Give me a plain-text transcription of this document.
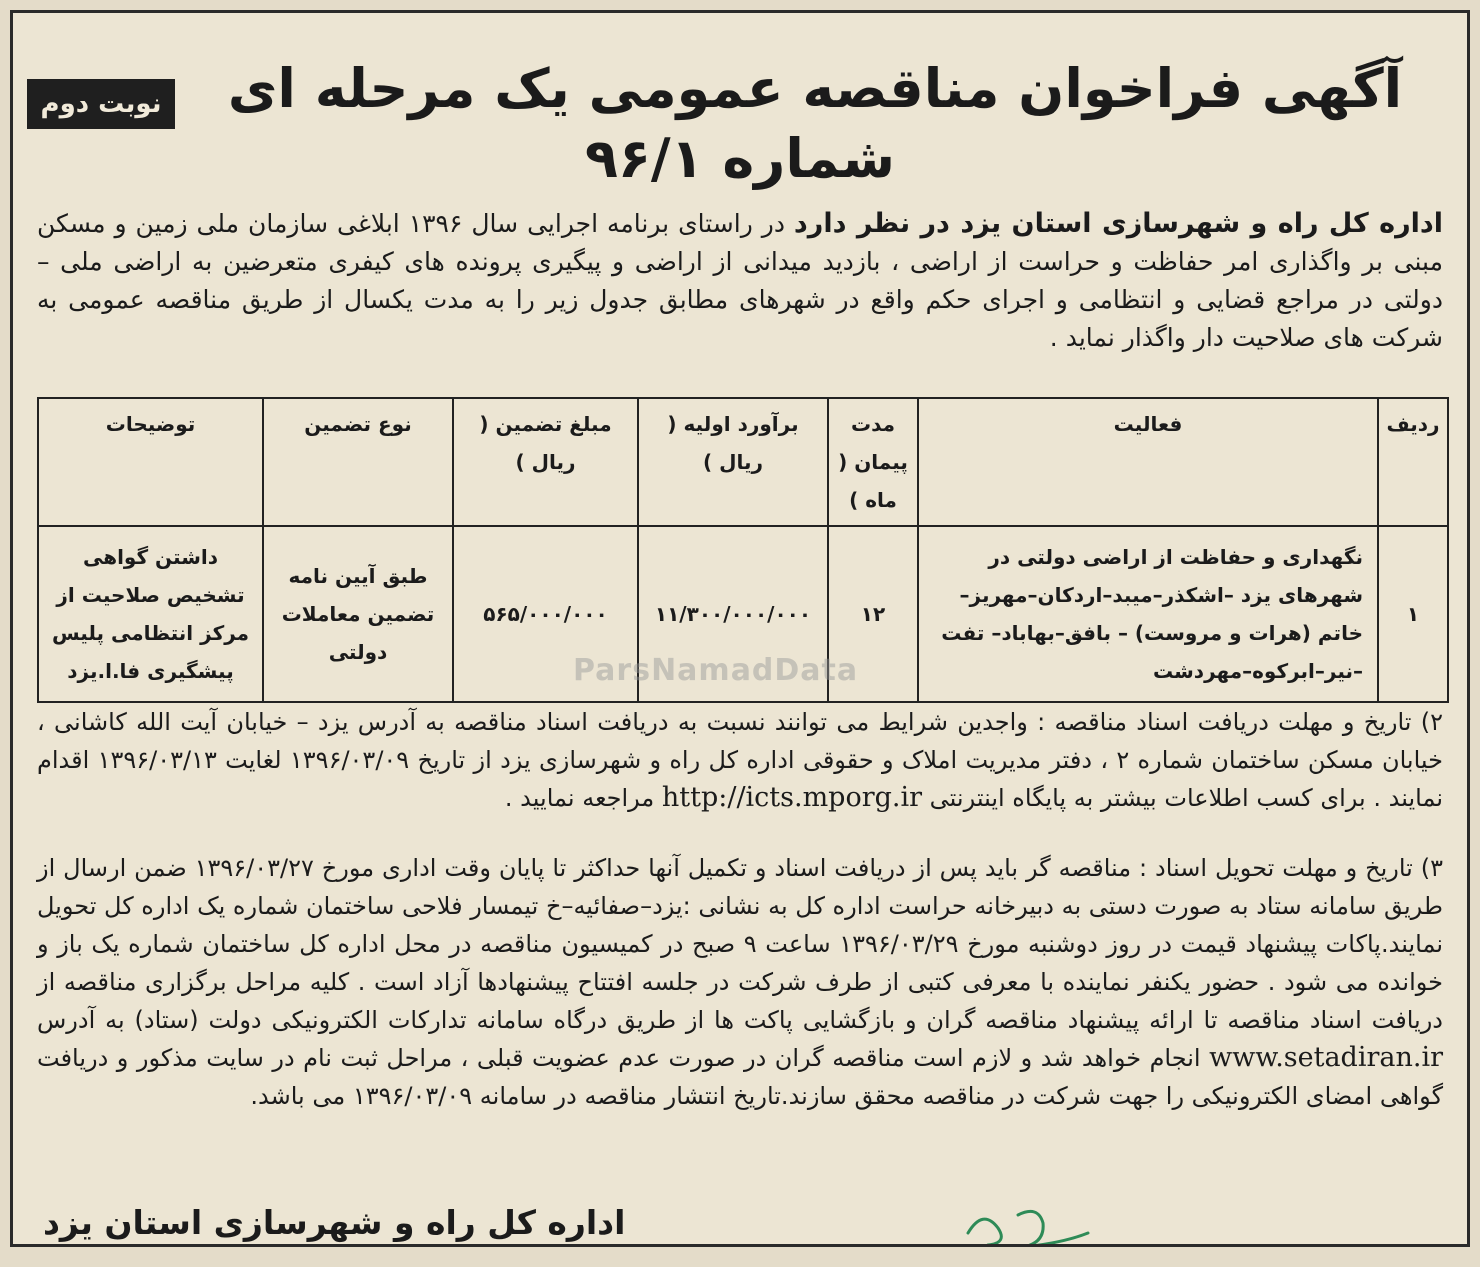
نوبت دوم	آگهی فراخوان مناقصه عمومی یک مرحله ای
شماره ۹۶/۱
اداره کل راه و شهرسازی استان یزد در نظر دارد در راستای برنامه اجرایی سال ۱۳۹۶ ابلاغی سازمان ملی زمین و مسکن مبنی بر واگذاری امر حفاظت و حراست از اراضی ، بازدید میدانی از اراضی و پیگیری پرونده های کیفری متعرضین به اراضی ملی – دولتی در مراجع قضایی و انتظامی و اجرای حکم واقع در شهرهای مطابق جدول زیر را به مدت یکسال از طریق مناقصه عمومی به شرکت های صلاحیت دار واگذار نماید .
ردیف	فعالیت	مدت پیمان ( ماه )	برآورد اولیه ( ریال )	مبلغ تضمین ( ریال )	نوع تضمین	توضیحات
۱	نگهداری و حفاظت از اراضی دولتی در شهرهای یزد –اشکذر–میبد–اردکان–مهریز– خاتم (هرات و مروست) – بافق–بهاباد– تفت –نیر–ابرکوه–مهردشت	۱۲	۱۱/۳۰۰/۰۰۰/۰۰۰	۵۶۵/۰۰۰/۰۰۰	طبق آیین نامه تضمین معاملات دولتی	داشتن گواهی تشخیص صلاحیت از مرکز انتظامی پلیس پیشگیری فا.ا.یزد	ParsNamadData
۲) تاریخ و مهلت دریافت اسناد مناقصه : واجدین شرایط می توانند نسبت به دریافت اسناد مناقصه به آدرس یزد – خیابان آیت الله کاشانی ، خیابان مسکن ساختمان شماره ۲ ، دفتر مدیریت املاک و حقوقی اداره کل راه و شهرسازی یزد از تاریخ ۱۳۹۶/۰۳/۰۹ لغایت ۱۳۹۶/۰۳/۱۳ اقدام نمایند . برای کسب اطلاعات بیشتر به پایگاه اینترنتی http://icts.mporg.ir مراجعه نمایید .
۳) تاریخ و مهلت تحویل اسناد : مناقصه گر باید پس از دریافت اسناد و تکمیل آنها حداکثر تا پایان وقت اداری مورخ ۱۳۹۶/۰۳/۲۷ ضمن ارسال از طریق سامانه ستاد به صورت دستی به دبیرخانه حراست اداره کل به نشانی :یزد–صفائیه–خ تیمسار فلاحی ساختمان شماره یک اداره کل تحویل نمایند.پاکات پیشنهاد قیمت در روز دوشنبه مورخ ۱۳۹۶/۰۳/۲۹ ساعت ۹ صبح در کمیسیون مناقصه در محل اداره کل ساختمان شماره یک باز و خوانده می شود . حضور یکنفر نماینده با معرفی کتبی از طرف شرکت در جلسه افتتاح پیشنهادها آزاد است . کلیه مراحل برگزاری مناقصه از دریافت اسناد مناقصه تا ارائه پیشنهاد مناقصه گران و بازگشایی پاکت ها از طریق درگاه سامانه تدارکات الکترونیکی دولت (ستاد) به آدرس www.setadiran.ir انجام خواهد شد و لازم است مناقصه گران در صورت عدم عضویت قبلی ، مراحل ثبت نام در سایت مذکور و دریافت گواهی امضای الکترونیکی را جهت شرکت در مناقصه محقق سازند.تاریخ انتشار مناقصه در سامانه ۱۳۹۶/۰۳/۰۹ می باشد.
اداره کل راه و شهرسازی استان یزد
